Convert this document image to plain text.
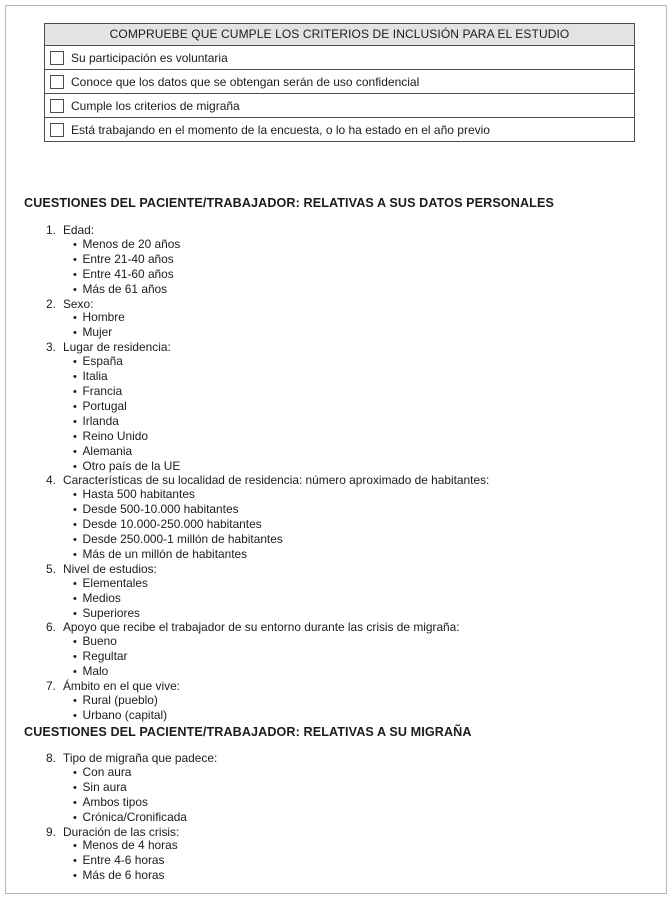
COMPRUEBE QUE CUMPLE LOS CRITERIOS DE INCLUSIÓN PARA EL ESTUDIO
Su participación es voluntaria
Conoce que los datos que se obtengan serán de uso confidencial
Cumple los criterios de migraña
Está trabajando en el momento de la encuesta, o lo ha estado en el año previo
CUESTIONES DEL PACIENTE/TRABAJADOR: RELATIVAS A SUS DATOS PERSONALES
1. Edad:
• Menos de 20 años
• Entre 21-40 años
• Entre 41-60 años
• Más de 61 años
2. Sexo:
• Hombre
• Mujer
3. Lugar de residencia:
• España
• Italia
• Francia
• Portugal
• Irlanda
• Reino Unido
• Alemania
• Otro país de la UE
4. Características de su localidad de residencia: número aproximado de habitantes:
• Hasta 500 habitantes
• Desde 500-10.000 habitantes
• Desde 10.000-250.000 habitantes
• Desde 250.000-1 millón de habitantes
• Más de un millón de habitantes
5. Nivel de estudios:
• Elementales
• Medios
• Superiores
6. Apoyo que recibe el trabajador de su entorno durante las crisis de migraña:
• Bueno
• Regultar
• Malo
7. Ámbito en el que vive:
• Rural (pueblo)
• Urbano (capital)
CUESTIONES DEL PACIENTE/TRABAJADOR: RELATIVAS A SU MIGRAÑA
8. Tipo de migraña que padece:
• Con aura
• Sin aura
• Ambos tipos
• Crónica/Cronificada
9. Duración de las crisis:
• Menos de 4 horas
• Entre 4-6 horas
• Más de 6 horas
